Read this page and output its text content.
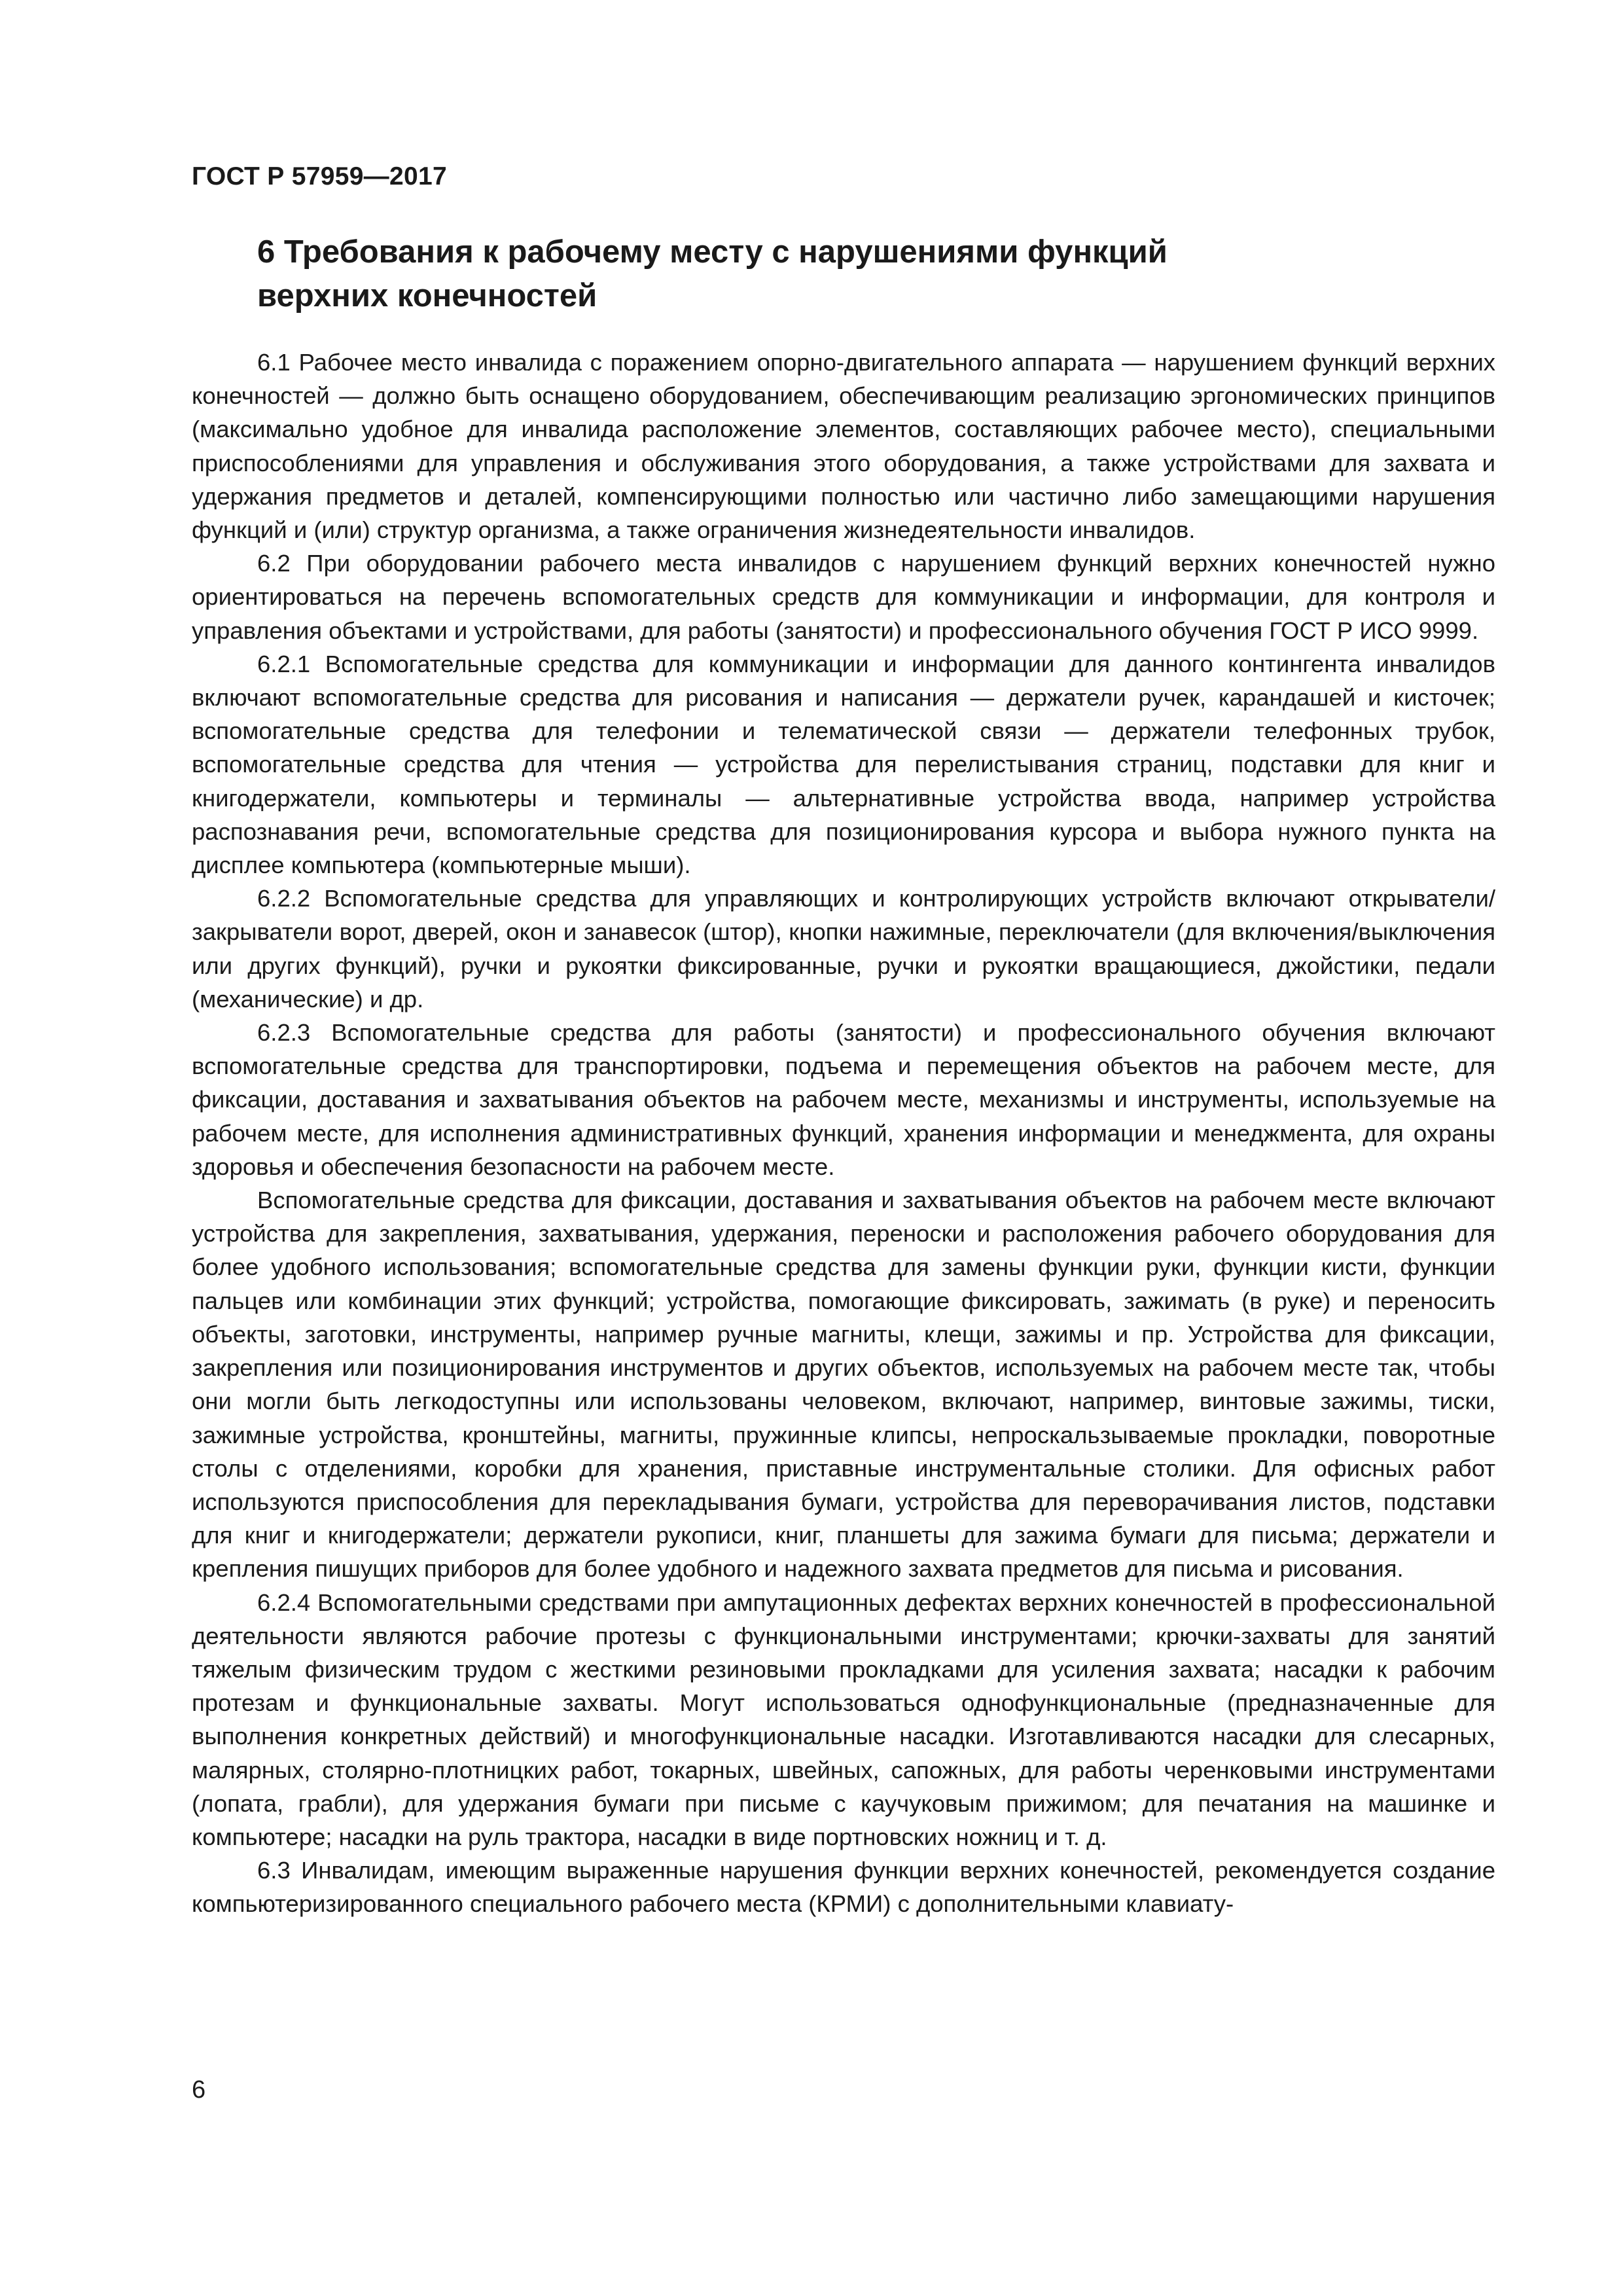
ГОСТ Р 57959—2017
6 Требования к рабочему месту с нарушениями функций
верхних конечностей

6.1 Рабочее место инвалида с поражением опорно-двигательного аппарата — нарушением функций верхних конечностей — должно быть оснащено оборудованием, обеспечивающим реализацию эргономических принципов (максимально удобное для инвалида расположение элементов, составляющих рабочее место), специальными приспособлениями для управления и обслуживания этого оборудования, а также устройствами для захвата и удержания предметов и деталей, компенсирующими полностью или частично либо замещающими нарушения функций и (или) структур организма, а также ограничения жизнедеятельности инвалидов.

6.2 При оборудовании рабочего места инвалидов с нарушением функций верхних конечностей нужно ориентироваться на перечень вспомогательных средств для коммуникации и информации, для контроля и управления объектами и устройствами, для работы (занятости) и профессионального обучения ГОСТ Р ИСО 9999.

6.2.1 Вспомогательные средства для коммуникации и информации для данного контингента инвалидов включают вспомогательные средства для рисования и написания — держатели ручек, карандашей и кисточек; вспомогательные средства для телефонии и телематической связи — держатели телефонных трубок, вспомогательные средства для чтения — устройства для перелистывания страниц, подставки для книг и книгодержатели, компьютеры и терминалы — альтернативные устройства ввода, например устройства распознавания речи, вспомогательные средства для позиционирования курсора и выбора нужного пункта на дисплее компьютера (компьютерные мыши).

6.2.2 Вспомогательные средства для управляющих и контролирующих устройств включают открыватели/закрыватели ворот, дверей, окон и занавесок (штор), кнопки нажимные, переключатели (для включения/выключения или других функций), ручки и рукоятки фиксированные, ручки и рукоятки вращающиеся, джойстики, педали (механические) и др.

6.2.3 Вспомогательные средства для работы (занятости) и профессионального обучения включают вспомогательные средства для транспортировки, подъема и перемещения объектов на рабочем месте, для фиксации, доставания и захватывания объектов на рабочем месте, механизмы и инструменты, используемые на рабочем месте, для исполнения административных функций, хранения информации и менеджмента, для охраны здоровья и обеспечения безопасности на рабочем месте.

Вспомогательные средства для фиксации, доставания и захватывания объектов на рабочем месте включают устройства для закрепления, захватывания, удержания, переноски и расположения рабочего оборудования для более удобного использования; вспомогательные средства для замены функции руки, функции кисти, функции пальцев или комбинации этих функций; устройства, помогающие фиксировать, зажимать (в руке) и переносить объекты, заготовки, инструменты, например ручные магниты, клещи, зажимы и пр. Устройства для фиксации, закрепления или позиционирования инструментов и других объектов, используемых на рабочем месте так, чтобы они могли быть легкодоступны или использованы человеком, включают, например, винтовые зажимы, тиски, зажимные устройства, кронштейны, магниты, пружинные клипсы, непроскальзываемые прокладки, поворотные столы с отделениями, коробки для хранения, приставные инструментальные столики. Для офисных работ используются приспособления для перекладывания бумаги, устройства для переворачивания листов, подставки для книг и книгодержатели; держатели рукописи, книг, планшеты для зажима бумаги для письма; держатели и крепления пишущих приборов для более удобного и надежного захвата предметов для письма и рисования.

6.2.4 Вспомогательными средствами при ампутационных дефектах верхних конечностей в профессиональной деятельности являются рабочие протезы с функциональными инструментами; крючки-захваты для занятий тяжелым физическим трудом с жесткими резиновыми прокладками для усиления захвата; насадки к рабочим протезам и функциональные захваты. Могут использоваться однофункциональные (предназначенные для выполнения конкретных действий) и многофункциональные насадки. Изготавливаются насадки для слесарных, малярных, столярно-плотницких работ, токарных, швейных, сапожных, для работы черенковыми инструментами (лопата, грабли), для удержания бумаги при письме с каучуковым прижимом; для печатания на машинке и компьютере; насадки на руль трактора, насадки в виде портновских ножниц и т. д.

6.3 Инвалидам, имеющим выраженные нарушения функции верхних конечностей, рекомендуется создание компьютеризированного специального рабочего места (КРМИ) с дополнительными клавиату-

6
